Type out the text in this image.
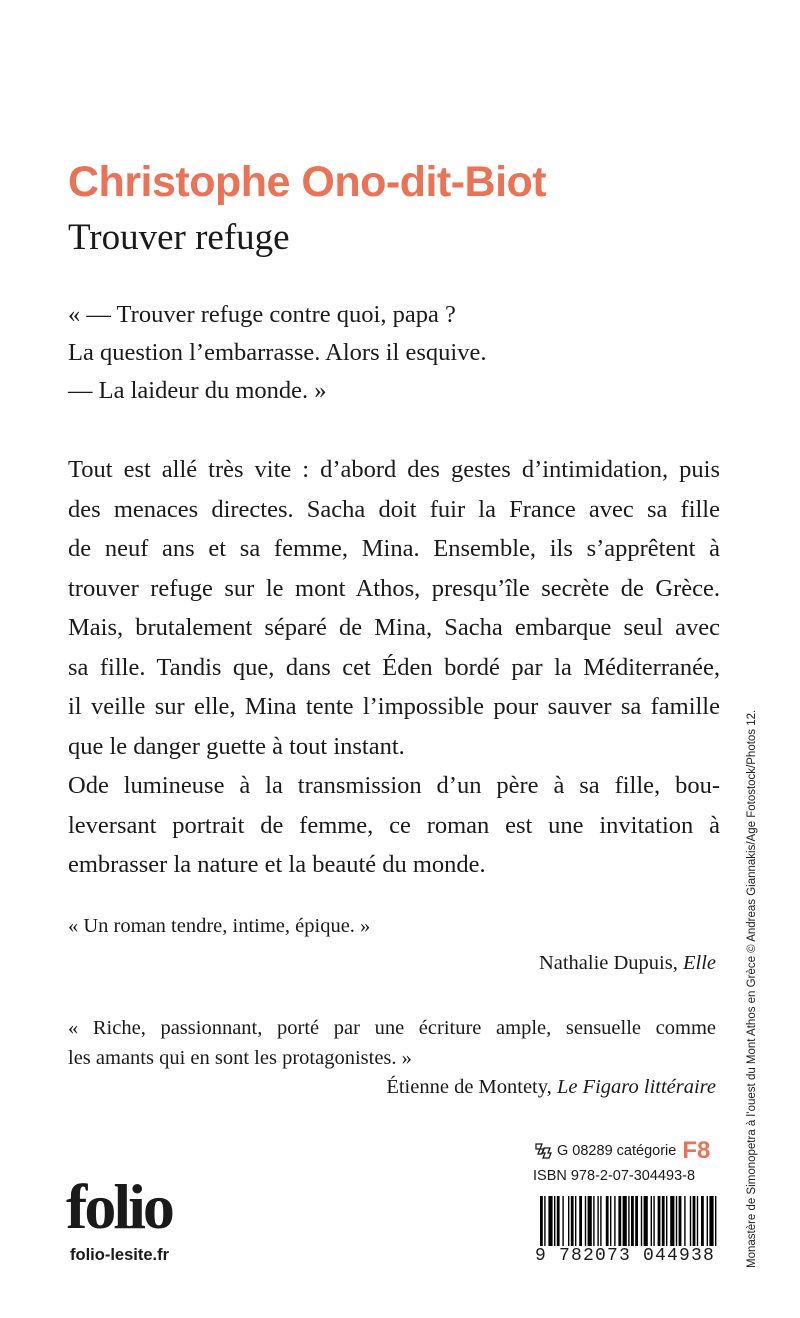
Christophe Ono-dit-Biot
Trouver refuge
« — Trouver refuge contre quoi, papa ?
La question l’embarrasse. Alors il esquive.
— La laideur du monde. »
Tout est allé très vite : d’abord des gestes d’intimidation, puis
des menaces directes. Sacha doit fuir la France avec sa fille
de neuf ans et sa femme, Mina. Ensemble, ils s’apprêtent à
trouver refuge sur le mont Athos, presqu’île secrète de Grèce.
Mais, brutalement séparé de Mina, Sacha embarque seul avec
sa fille. Tandis que, dans cet Éden bordé par la Méditerranée,
il veille sur elle, Mina tente l’impossible pour sauver sa famille
que le danger guette à tout instant.
Ode lumineuse à la transmission d’un père à sa fille, bou-
leversant portrait de femme, ce roman est une invitation à
embrasser la nature et la beauté du monde.
« Un roman tendre, intime, épique. »
Nathalie Dupuis, Elle
« Riche, passionnant, porté par une écriture ample, sensuelle comme
les amants qui en sont les protagonistes. »
Étienne de Montety, Le Figaro littéraire
G 08289
catégorie F8
ISBN 978-2-07-304493-8
9 782073 044938
folio
folio-lesite.fr	Monastère de Simonopetra à l’ouest du Mont Athos en Grèce © Andreas Giannakis/Age Fotostock/Photos 12.
